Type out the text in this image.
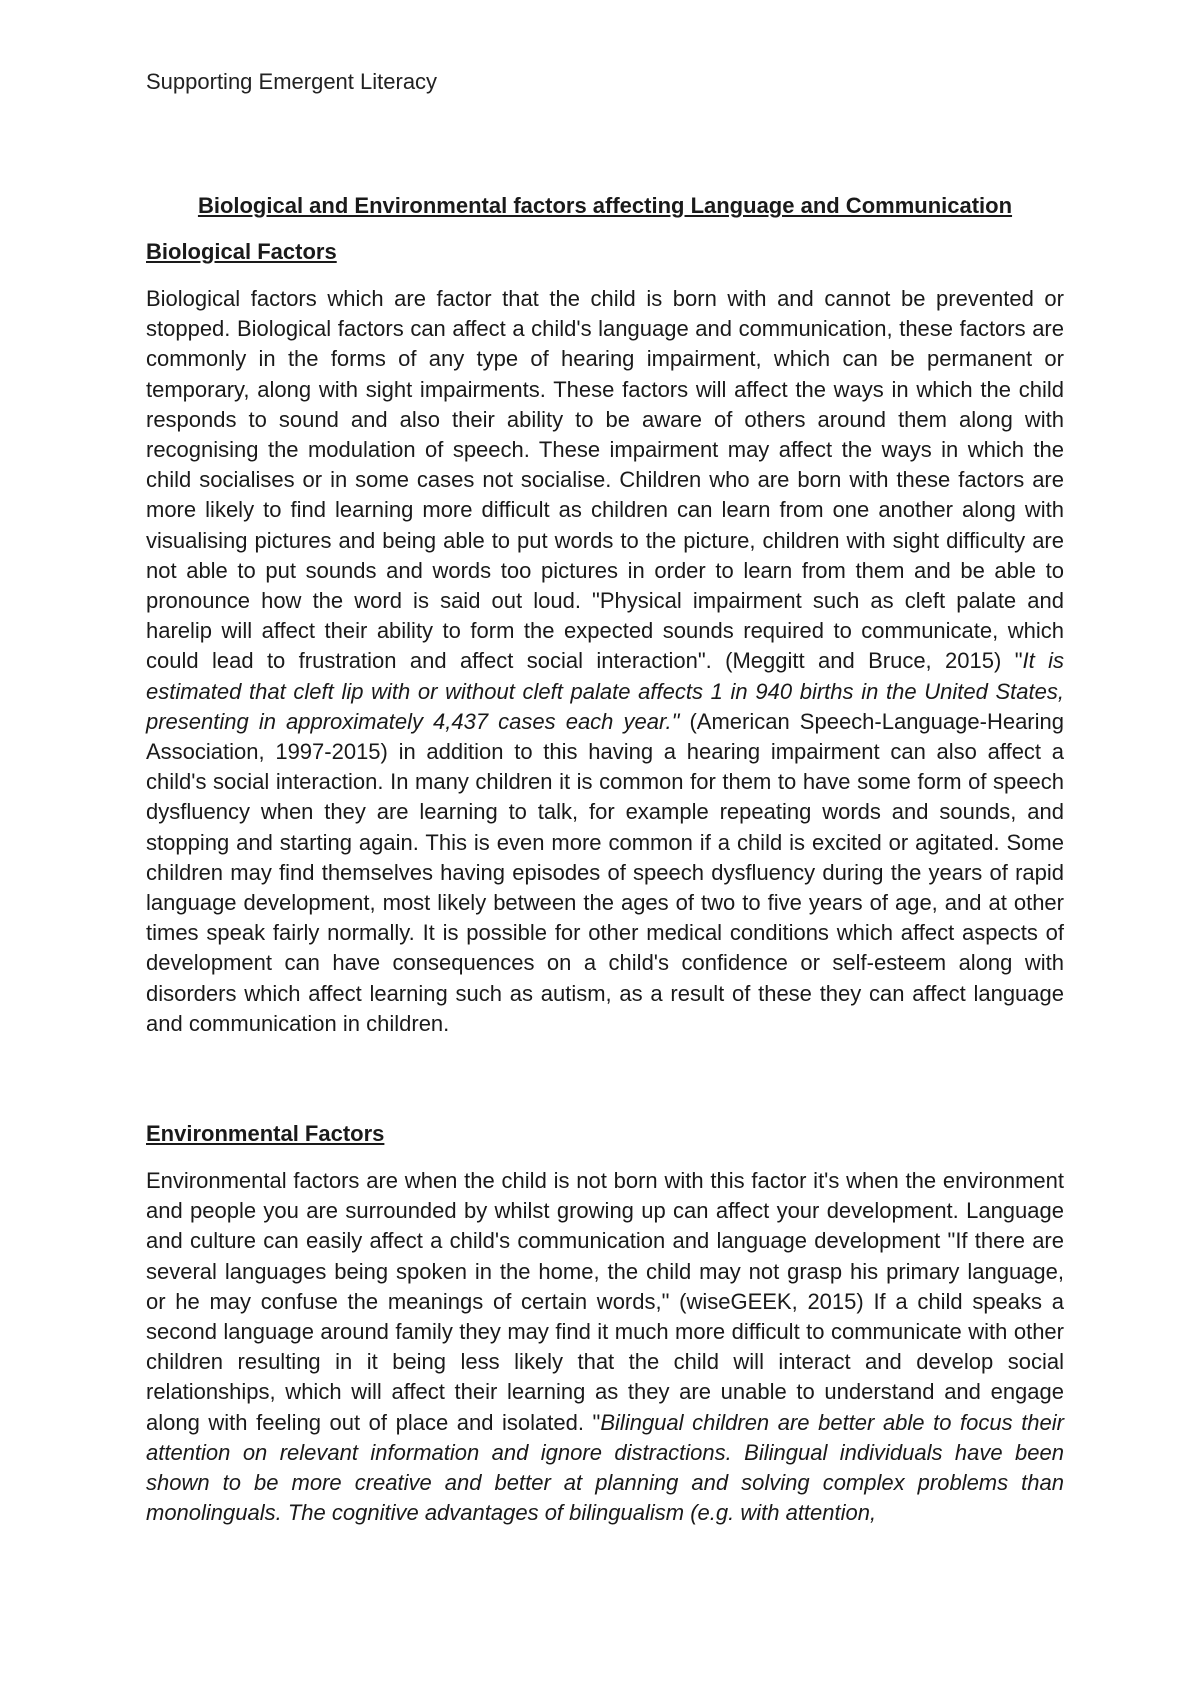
Supporting Emergent Literacy

Biological and Environmental factors affecting Language and Communication
Biological Factors

Biological factors which are factor that the child is born with and cannot be prevented or stopped. Biological factors can affect a child's language and communication, these factors are commonly in the forms of any type of hearing impairment, which can be permanent or temporary, along with sight impairments. These factors will affect the ways in which the child responds to sound and also their ability to be aware of others around them along with recognising the modulation of speech. These impairment may affect the ways in which the child socialises or in some cases not socialise. Children who are born with these factors are more likely to find learning more difficult as children can learn from one another along with visualising pictures and being able to put words to the picture, children with sight difficulty are not able to put sounds and words too pictures in order to learn from them and be able to pronounce how the word is said out loud. "Physical impairment such as cleft palate and harelip will affect their ability to form the expected sounds required to communicate, which could lead to frustration and affect social interaction". (Meggitt and Bruce, 2015) "It is estimated that cleft lip with or without cleft palate affects 1 in 940 births in the United States, presenting in approximately 4,437 cases each year." (American Speech-Language-Hearing Association, 1997-2015) in addition to this having a hearing impairment can also affect a child's social interaction. In many children it is common for them to have some form of speech dysfluency when they are learning to talk, for example repeating words and sounds, and stopping and starting again. This is even more common if a child is excited or agitated. Some children may find themselves having episodes of speech dysfluency during the years of rapid language development, most likely between the ages of two to five years of age, and at other times speak fairly normally. It is possible for other medical conditions which affect aspects of development can have consequences on a child's confidence or self-esteem along with disorders which affect learning such as autism, as a result of these they can affect language and communication in children.

Environmental Factors

Environmental factors are when the child is not born with this factor it's when the environment and people you are surrounded by whilst growing up can affect your development. Language and culture can easily affect a child's communication and language development "If there are several languages being spoken in the home, the child may not grasp his primary language, or he may confuse the meanings of certain words," (wiseGEEK, 2015) If a child speaks a second language around family they may find it much more difficult to communicate with other children resulting in it being less likely that the child will interact and develop social relationships, which will affect their learning as they are unable to understand and engage along with feeling out of place and isolated. "Bilingual children are better able to focus their attention on relevant information and ignore distractions. Bilingual individuals have been shown to be more creative and better at planning and solving complex problems than monolinguals. The cognitive advantages of bilingualism (e.g. with attention,
